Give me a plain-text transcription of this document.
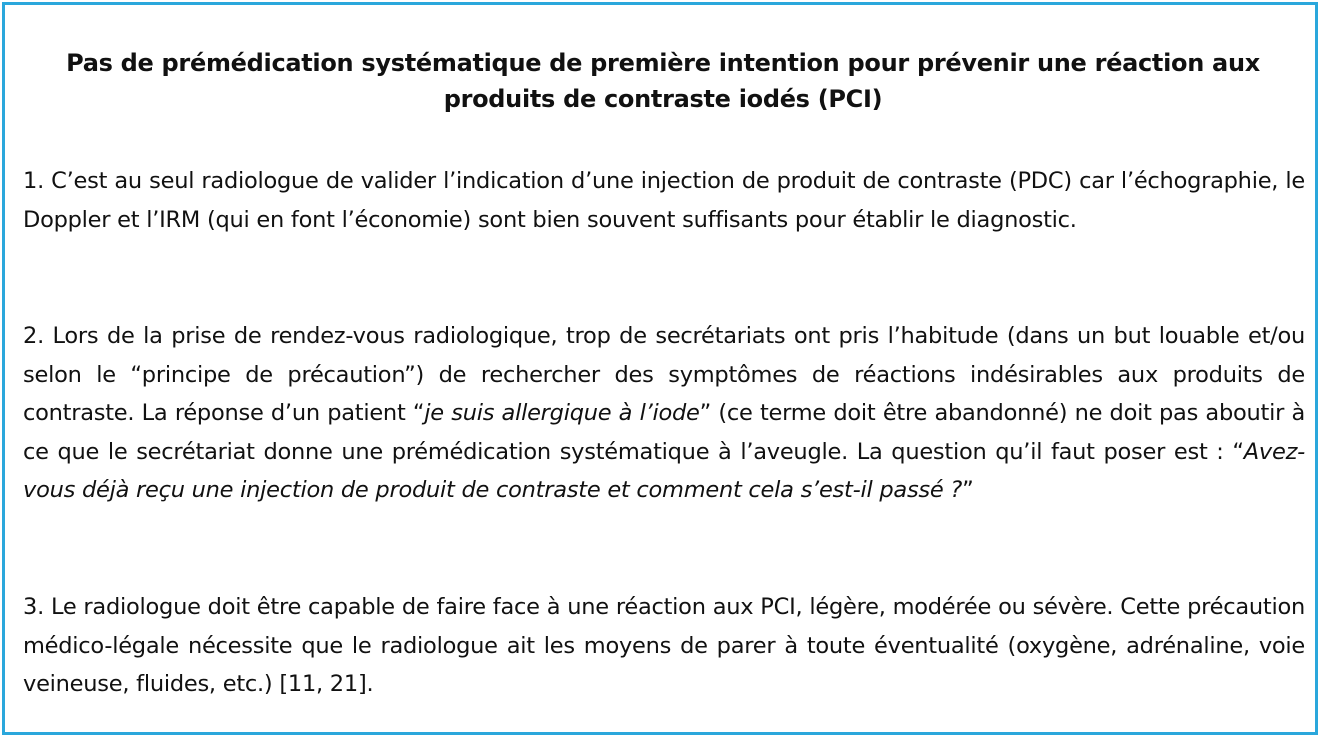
Pas de prémédication systématique de première intention pour prévenir une réaction aux produits de contraste iodés (PCI)

1. C’est au seul radiologue de valider l’indication d’une injection de produit de contraste (PDC) car l’échographie, le Doppler et l’IRM (qui en font l’économie) sont bien souvent suffisants pour établir le diagnostic.

2. Lors de la prise de rendez-vous radiologique, trop de secrétariats ont pris l’habitude (dans un but louable et/ou selon le “principe de précaution”) de rechercher des symptômes de réactions indésirables aux produits de contraste. La réponse d’un patient “je suis allergique à l’iode” (ce terme doit être abandonné) ne doit pas aboutir à ce que le secrétariat donne une prémédication systématique à l’aveugle. La question qu’il faut poser est : “Avez-vous déjà reçu une injection de produit de contraste et comment cela s’est-il passé ?”

3. Le radiologue doit être capable de faire face à une réaction aux PCI, légère, modérée ou sévère. Cette précaution médico-légale nécessite que le radiologue ait les moyens de parer à toute éventualité (oxygène, adrénaline, voie veineuse, fluides, etc.) [11, 21].
